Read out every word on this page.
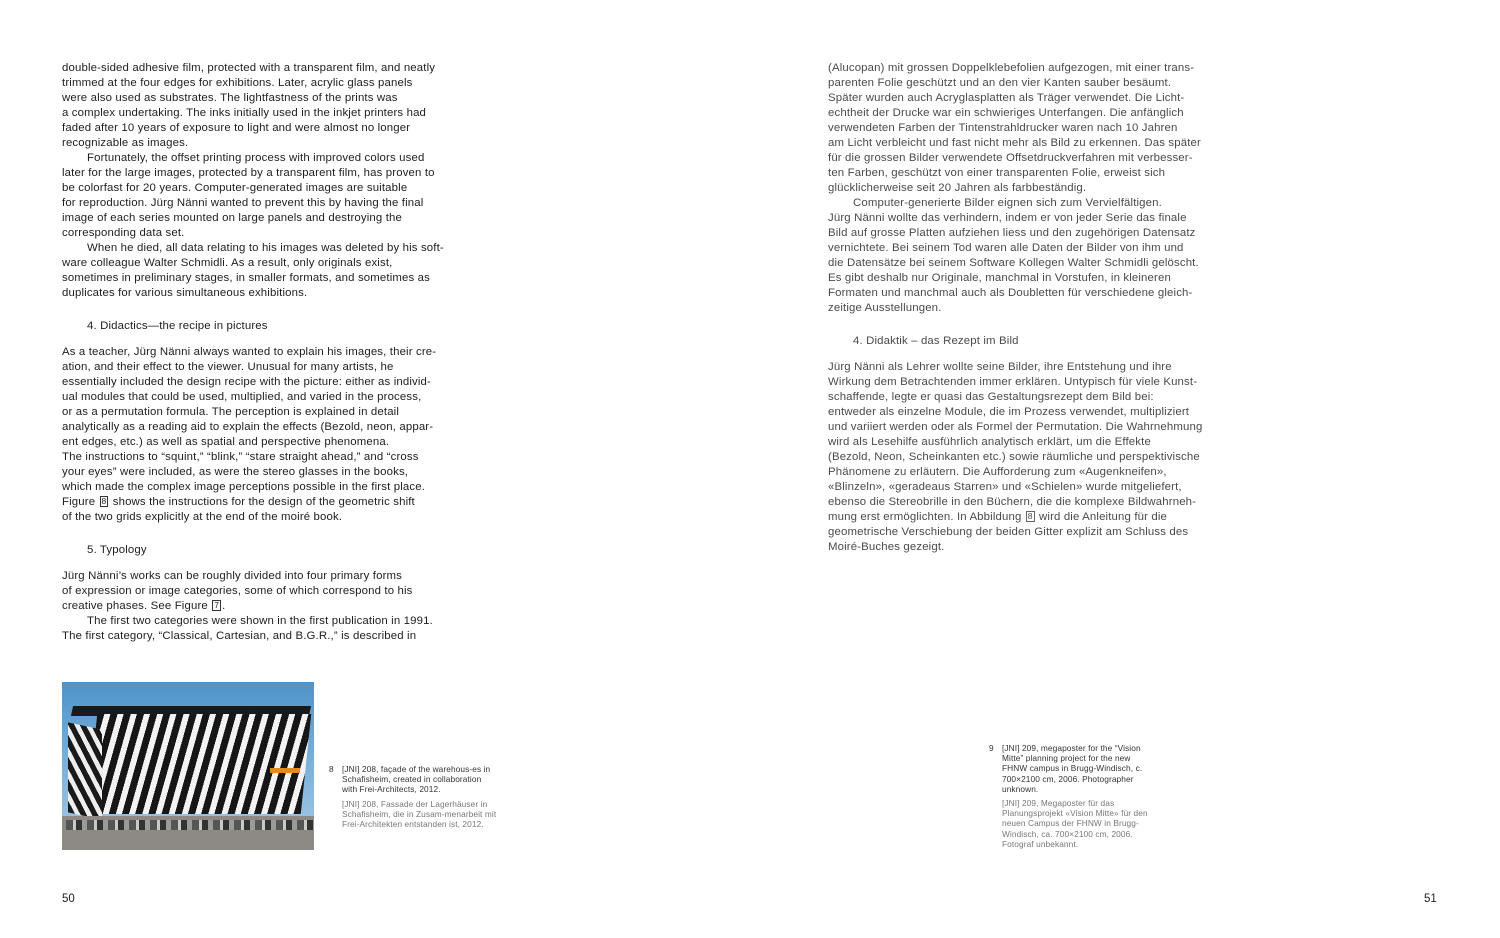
double-sided adhesive film, protected with a transparent film, and neatly
trimmed at the four edges for exhibitions. Later, acrylic glass panels
were also used as substrates. The lightfastness of the prints was
a complex undertaking. The inks initially used in the inkjet printers had
faded after 10 years of exposure to light and were almost no longer
recognizable as images.

Fortunately, the offset printing process with improved colors used
later for the large images, protected by a transparent film, has proven to
be colorfast for 20 years. Computer-generated images are suitable
for reproduction. Jürg Nänni wanted to prevent this by having the final
image of each series mounted on large panels and destroying the
corresponding data set.

When he died, all data relating to his images was deleted by his soft-
ware colleague Walter Schmidli. As a result, only originals exist,
sometimes in preliminary stages, in smaller formats, and sometimes as
duplicates for various simultaneous exhibitions.

4. Didactics—the recipe in pictures

As a teacher, Jürg Nänni always wanted to explain his images, their cre-
ation, and their effect to the viewer. Unusual for many artists, he
essentially included the design recipe with the picture: either as individ-
ual modules that could be used, multiplied, and varied in the process,
or as a permutation formula. The perception is explained in detail
analytically as a reading aid to explain the effects (Bezold, neon, appar-
ent edges, etc.) as well as spatial and perspective phenomena.
The instructions to “squint,” “blink,” “stare straight ahead,” and “cross
your eyes” were included, as were the stereo glasses in the books,
which made the complex image perceptions possible in the first place.
Figure 8 shows the instructions for the design of the geometric shift
of the two grids explicitly at the end of the moiré book.

5. Typology

Jürg Nänni’s works can be roughly divided into four primary forms
of expression or image categories, some of which correspond to his
creative phases. See Figure 7 .

The first two categories were shown in the first publication in 1991.
The first category, “Classical, Cartesian, and B.G.R.,” is described in

8 [JNI] 208, façade of the warehous-es in Schafisheim, created in collaboration with Frei-Architects, 2012.
[JNI] 208, Fassade der Lagerhäuser in Schafisheim, die in Zusam-menarbeit mit Frei-Architekten entstanden ist, 2012.
50

(Alucopan) mit grossen Doppelklebefolien aufgezogen, mit einer trans-
parenten Folie geschützt und an den vier Kanten sauber besäumt.
Später wurden auch Acryglasplatten als Träger verwendet. Die Licht-
echtheit der Drucke war ein schwieriges Unterfangen. Die anfänglich
verwendeten Farben der Tintenstrahldrucker waren nach 10 Jahren
am Licht verbleicht und fast nicht mehr als Bild zu erkennen. Das später
für die grossen Bilder verwendete Offsetdruckverfahren mit verbesser-
ten Farben, geschützt von einer transparenten Folie, erweist sich
glücklicherweise seit 20 Jahren als farbbeständig.

Computer-generierte Bilder eignen sich zum Vervielfältigen.

Jürg Nänni wollte das verhindern, indem er von jeder Serie das finale
Bild auf grosse Platten aufziehen liess und den zugehörigen Datensatz
vernichtete. Bei seinem Tod waren alle Daten der Bilder von ihm und
die Datensätze bei seinem Software Kollegen Walter Schmidli gelöscht.
Es gibt deshalb nur Originale, manchmal in Vorstufen, in kleineren
Formaten und manchmal auch als Doubletten für verschiedene gleich-
zeitige Ausstellungen.

4. Didaktik – das Rezept im Bild

Jürg Nänni als Lehrer wollte seine Bilder, ihre Entstehung und ihre
Wirkung dem Betrachtenden immer erklären. Untypisch für viele Kunst-
schaffende, legte er quasi das Gestaltungsrezept dem Bild bei:
entweder als einzelne Module, die im Prozess verwendet, multipliziert
und variiert werden oder als Formel der Permutation. Die Wahrnehmung
wird als Lesehilfe ausführlich analytisch erklärt, um die Effekte
(Bezold, Neon, Scheinkanten etc.) sowie räumliche und perspektivische
Phänomene zu erläutern. Die Aufforderung zum «Augenkneifen»,
«Blinzeln», «geradeaus Starren» und «Schielen» wurde mitgeliefert,
ebenso die Stereobrille in den Büchern, die die komplexe Bildwahrneh-
mung erst ermöglichten. In Abbildung 8 wird die Anleitung für die
geometrische Verschiebung der beiden Gitter explizit am Schluss des
Moiré-Buches gezeigt.

9 [JNI] 209, megaposter for the “Vision Mitte” planning project for the new FHNW campus in Brugg-Windisch, c. 700×2100 cm, 2006. Photographer unknown.
[JNI] 209, Megaposter für das Planungsprojekt «Vision Mitte» für den neuen Campus der FHNW in Brugg-Windisch, ca. 700×2100 cm, 2006. Fotograf unbekannt.
51
